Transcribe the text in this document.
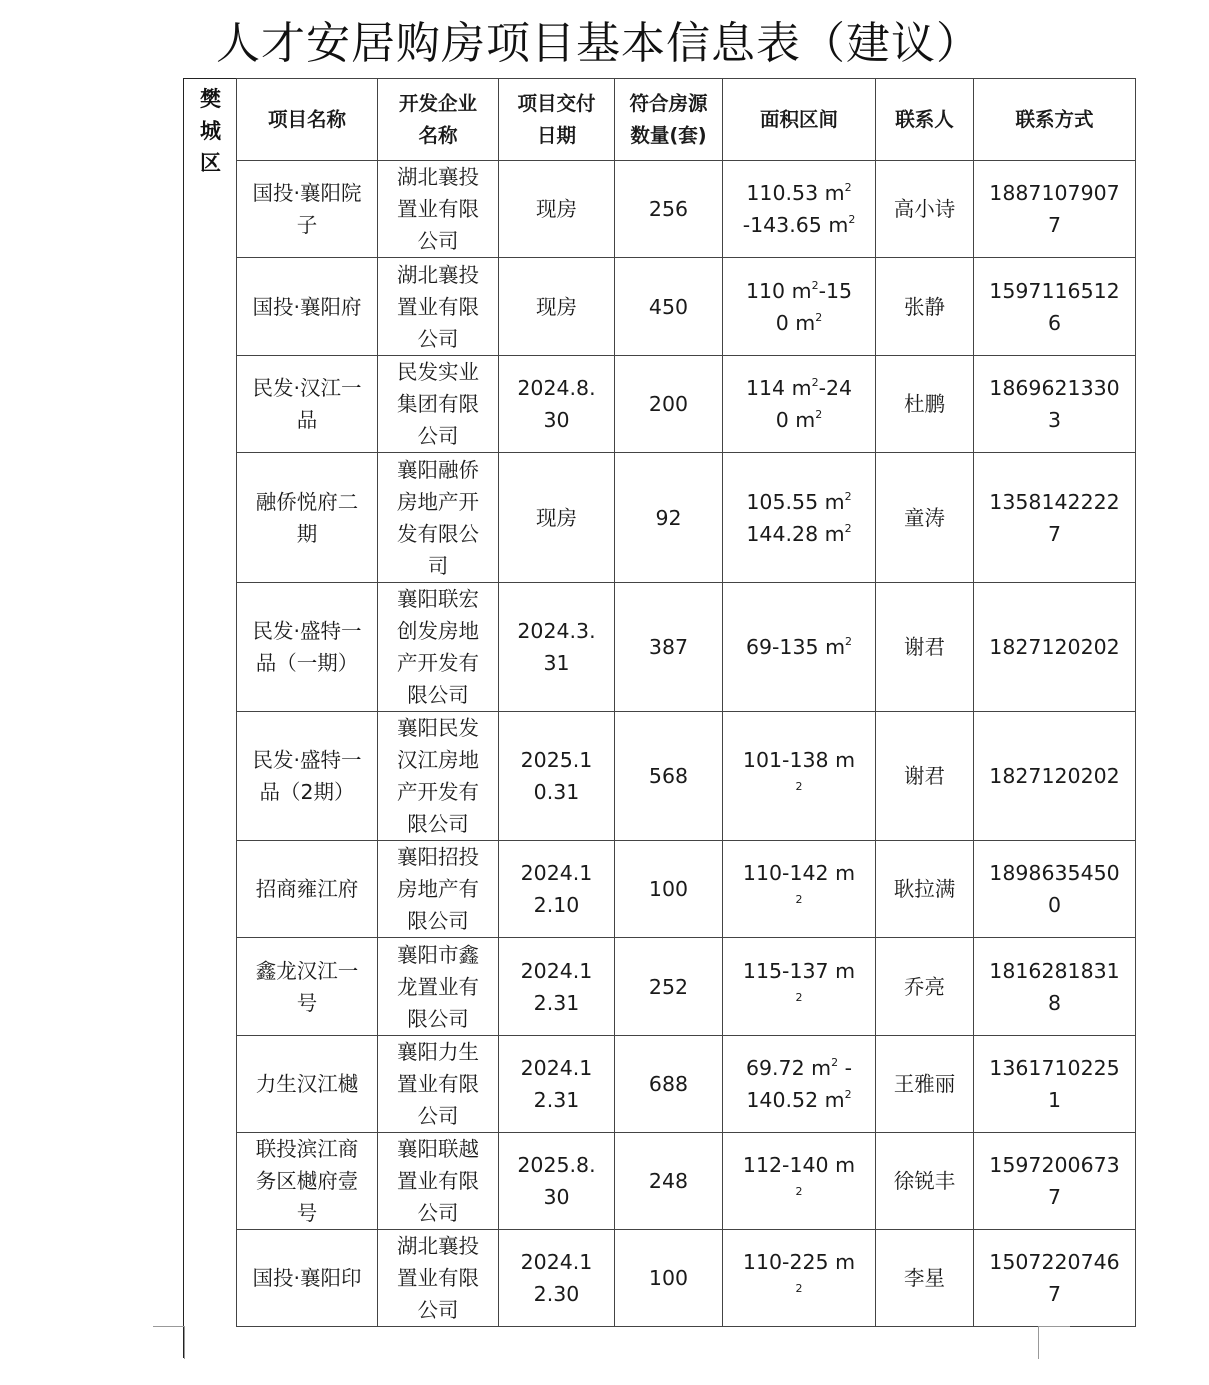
人才安居购房项目基本信息表（建议）
樊
城
区
项目名称	开发企业名称	项目交付日期	符合房源数量(套)	面积区间	联系人	联系方式
国投·襄阳院子	湖北襄投置业有限公司	现房	256	110.53 $m^2$ -143.65 $m^2$	高小诗	18871079077
国投·襄阳府	湖北襄投置业有限公司	现房	450	110 $m^2-150$ $m^2$	张静	15971165126
民发·汉江一品	民发实业集团有限公司	2024.8.30	200	114 $m^2-240$ $m^2$	杜鹏	18696213303
融侨悦府二期	襄阳融侨房地产开发有限公司	现房	92	105.55 $m^2$ 144.28 $m^2$	童涛	13581422227
民发·盛特一品（一期）	襄阳联宏创发房地产开发有限公司	2024.3.31	387	69-135 $m^2$	谢君	1827120202
民发·盛特一品（2期）	襄阳民发汉江房地产开发有限公司	2025.10.31	568	101-138 $m^2$	谢君	1827120202
招商雍江府	襄阳招投房地产有限公司	2024.12.10	100	110-142 $m^2$	耿拉满	18986354500
鑫龙汉江一号	襄阳市鑫龙置业有限公司	2024.12.31	252	115-137 $m^2$	乔亮	18162818318
力生汉江樾	襄阳力生置业有限公司	2024.12.31	688	69.72 $m^2$ -140.52 $m^2$	王雅丽	13617102251
联投滨江商务区樾府壹号	襄阳联越置业有限公司	2025.8.30	248	112-140 $m^2$	徐锐丰	15972006737
国投·襄阳印	湖北襄投置业有限公司	2024.12.30	100	110-225 $m^2$	李星	15072207467
